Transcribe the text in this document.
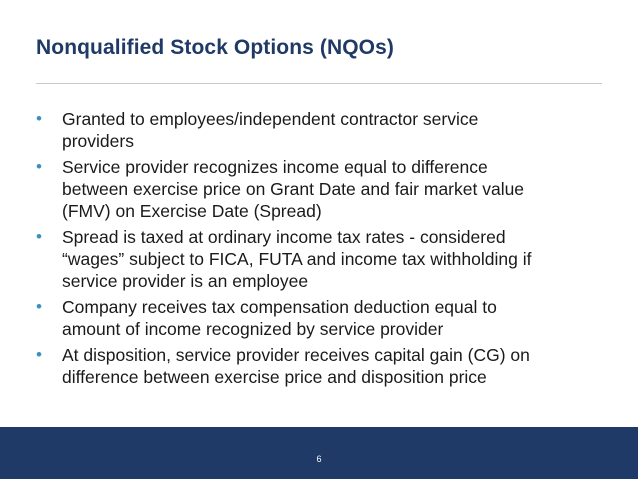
Nonqualified Stock Options (NQOs)
• Granted to employees/independent contractor service
providers
• Service provider recognizes income equal to difference
between exercise price on Grant Date and fair market value
(FMV) on Exercise Date (Spread)
• Spread is taxed at ordinary income tax rates - considered
“wages” subject to FICA, FUTA and income tax withholding if
service provider is an employee
• Company receives tax compensation deduction equal to
amount of income recognized by service provider
• At disposition, service provider receives capital gain (CG) on
difference between exercise price and disposition price
6
